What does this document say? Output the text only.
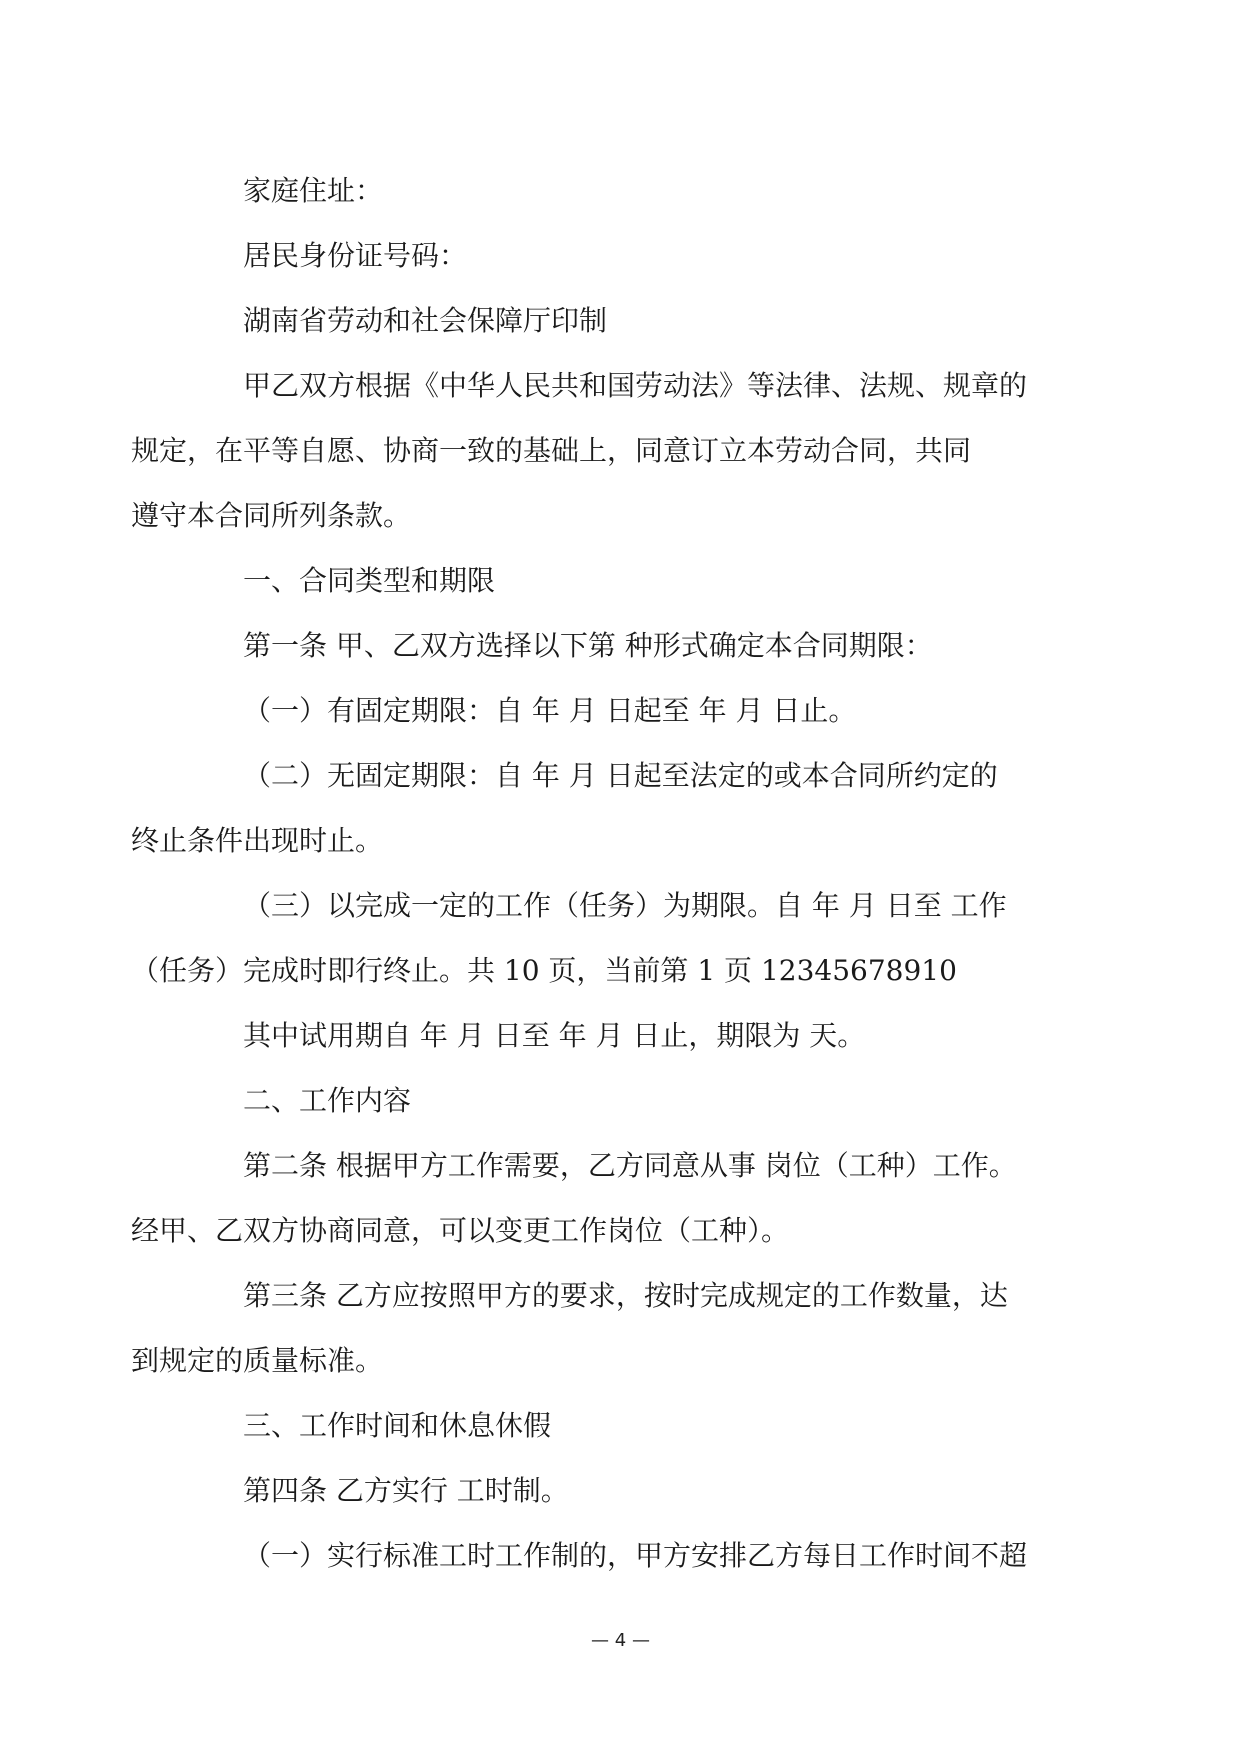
家庭住址：

居民身份证号码：

湖南省劳动和社会保障厅印制

甲乙双方根据《中华人民共和国劳动法》等法律、法规、规章的
规定，在平等自愿、协商一致的基础上，同意订立本劳动合同，共同
遵守本合同所列条款。

一、合同类型和期限

第一条 甲、乙双方选择以下第 种形式确定本合同期限：

（一）有固定期限：自 年 月 日起至 年 月 日止。

（二）无固定期限：自 年 月 日起至法定的或本合同所约定的
终止条件出现时止。

（三）以完成一定的工作（任务）为期限。自 年 月 日至 工作
（任务）完成时即行终止。共 10 页，当前第 1 页 12345678910

其中试用期自 年 月 日至 年 月 日止，期限为 天。

二、工作内容

第二条 根据甲方工作需要，乙方同意从事 岗位（工种）工作。
经甲、乙双方协商同意，可以变更工作岗位（工种）。

第三条 乙方应按照甲方的要求，按时完成规定的工作数量，达
到规定的质量标准。

三、工作时间和休息休假

第四条 乙方实行 工时制。

（一）实行标准工时工作制的，甲方安排乙方每日工作时间不超

— 4 —
